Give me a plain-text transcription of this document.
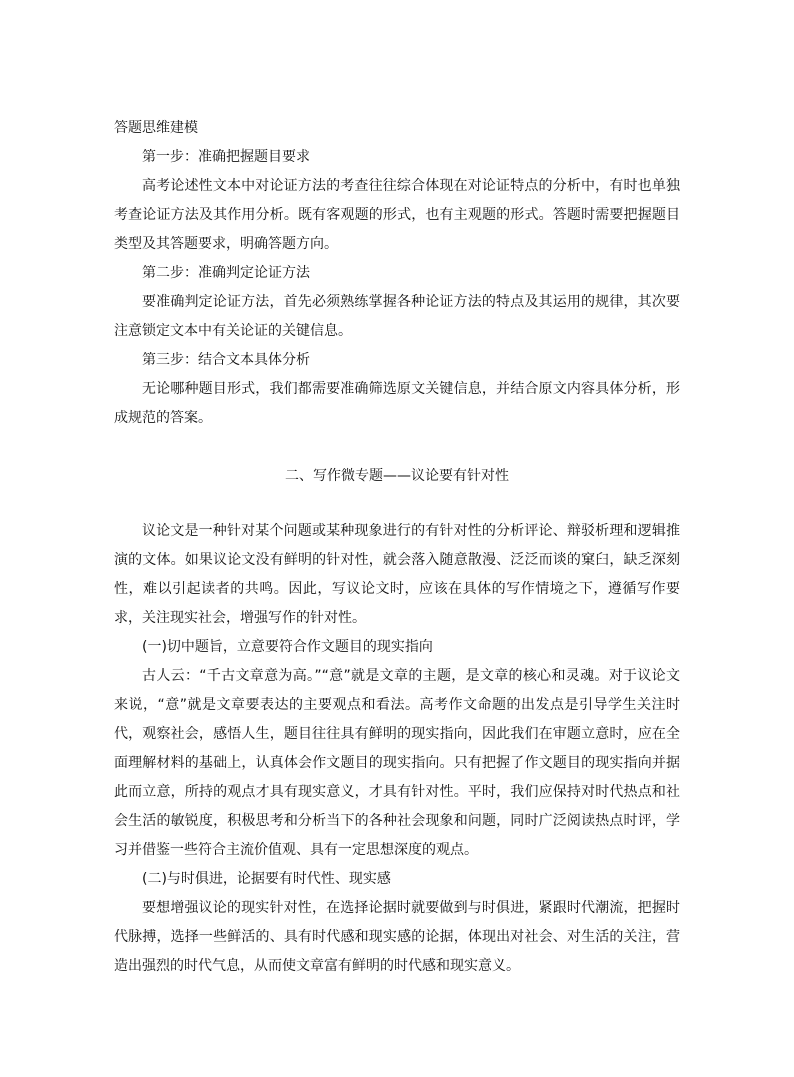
答题思维建模

第一步：准确把握题目要求

高考论述性文本中对论证方法的考查往往综合体现在对论证特点的分析中，有时也单独考查论证方法及其作用分析。既有客观题的形式，也有主观题的形式。答题时需要把握题目类型及其答题要求，明确答题方向。

第二步：准确判定论证方法

要准确判定论证方法，首先必须熟练掌握各种论证方法的特点及其运用的规律，其次要注意锁定文本中有关论证的关键信息。

第三步：结合文本具体分析

无论哪种题目形式，我们都需要准确筛选原文关键信息，并结合原文内容具体分析，形成规范的答案。

二、写作微专题——议论要有针对性

议论文是一种针对某个问题或某种现象进行的有针对性的分析评论、辩驳析理和逻辑推演的文体。如果议论文没有鲜明的针对性，就会落入随意散漫、泛泛而谈的窠臼，缺乏深刻性，难以引起读者的共鸣。因此，写议论文时，应该在具体的写作情境之下，遵循写作要求，关注现实社会，增强写作的针对性。

(一)切中题旨，立意要符合作文题目的现实指向

古人云：“千古文章意为高。”“意”就是文章的主题，是文章的核心和灵魂。对于议论文来说，“意”就是文章要表达的主要观点和看法。高考作文命题的出发点是引导学生关注时代，观察社会，感悟人生，题目往往具有鲜明的现实指向，因此我们在审题立意时，应在全面理解材料的基础上，认真体会作文题目的现实指向。只有把握了作文题目的现实指向并据此而立意，所持的观点才具有现实意义，才具有针对性。平时，我们应保持对时代热点和社会生活的敏锐度，积极思考和分析当下的各种社会现象和问题，同时广泛阅读热点时评，学习并借鉴一些符合主流价值观、具有一定思想深度的观点。

(二)与时俱进，论据要有时代性、现实感

要想增强议论的现实针对性，在选择论据时就要做到与时俱进，紧跟时代潮流，把握时代脉搏，选择一些鲜活的、具有时代感和现实感的论据，体现出对社会、对生活的关注，营造出强烈的时代气息，从而使文章富有鲜明的时代感和现实意义。
